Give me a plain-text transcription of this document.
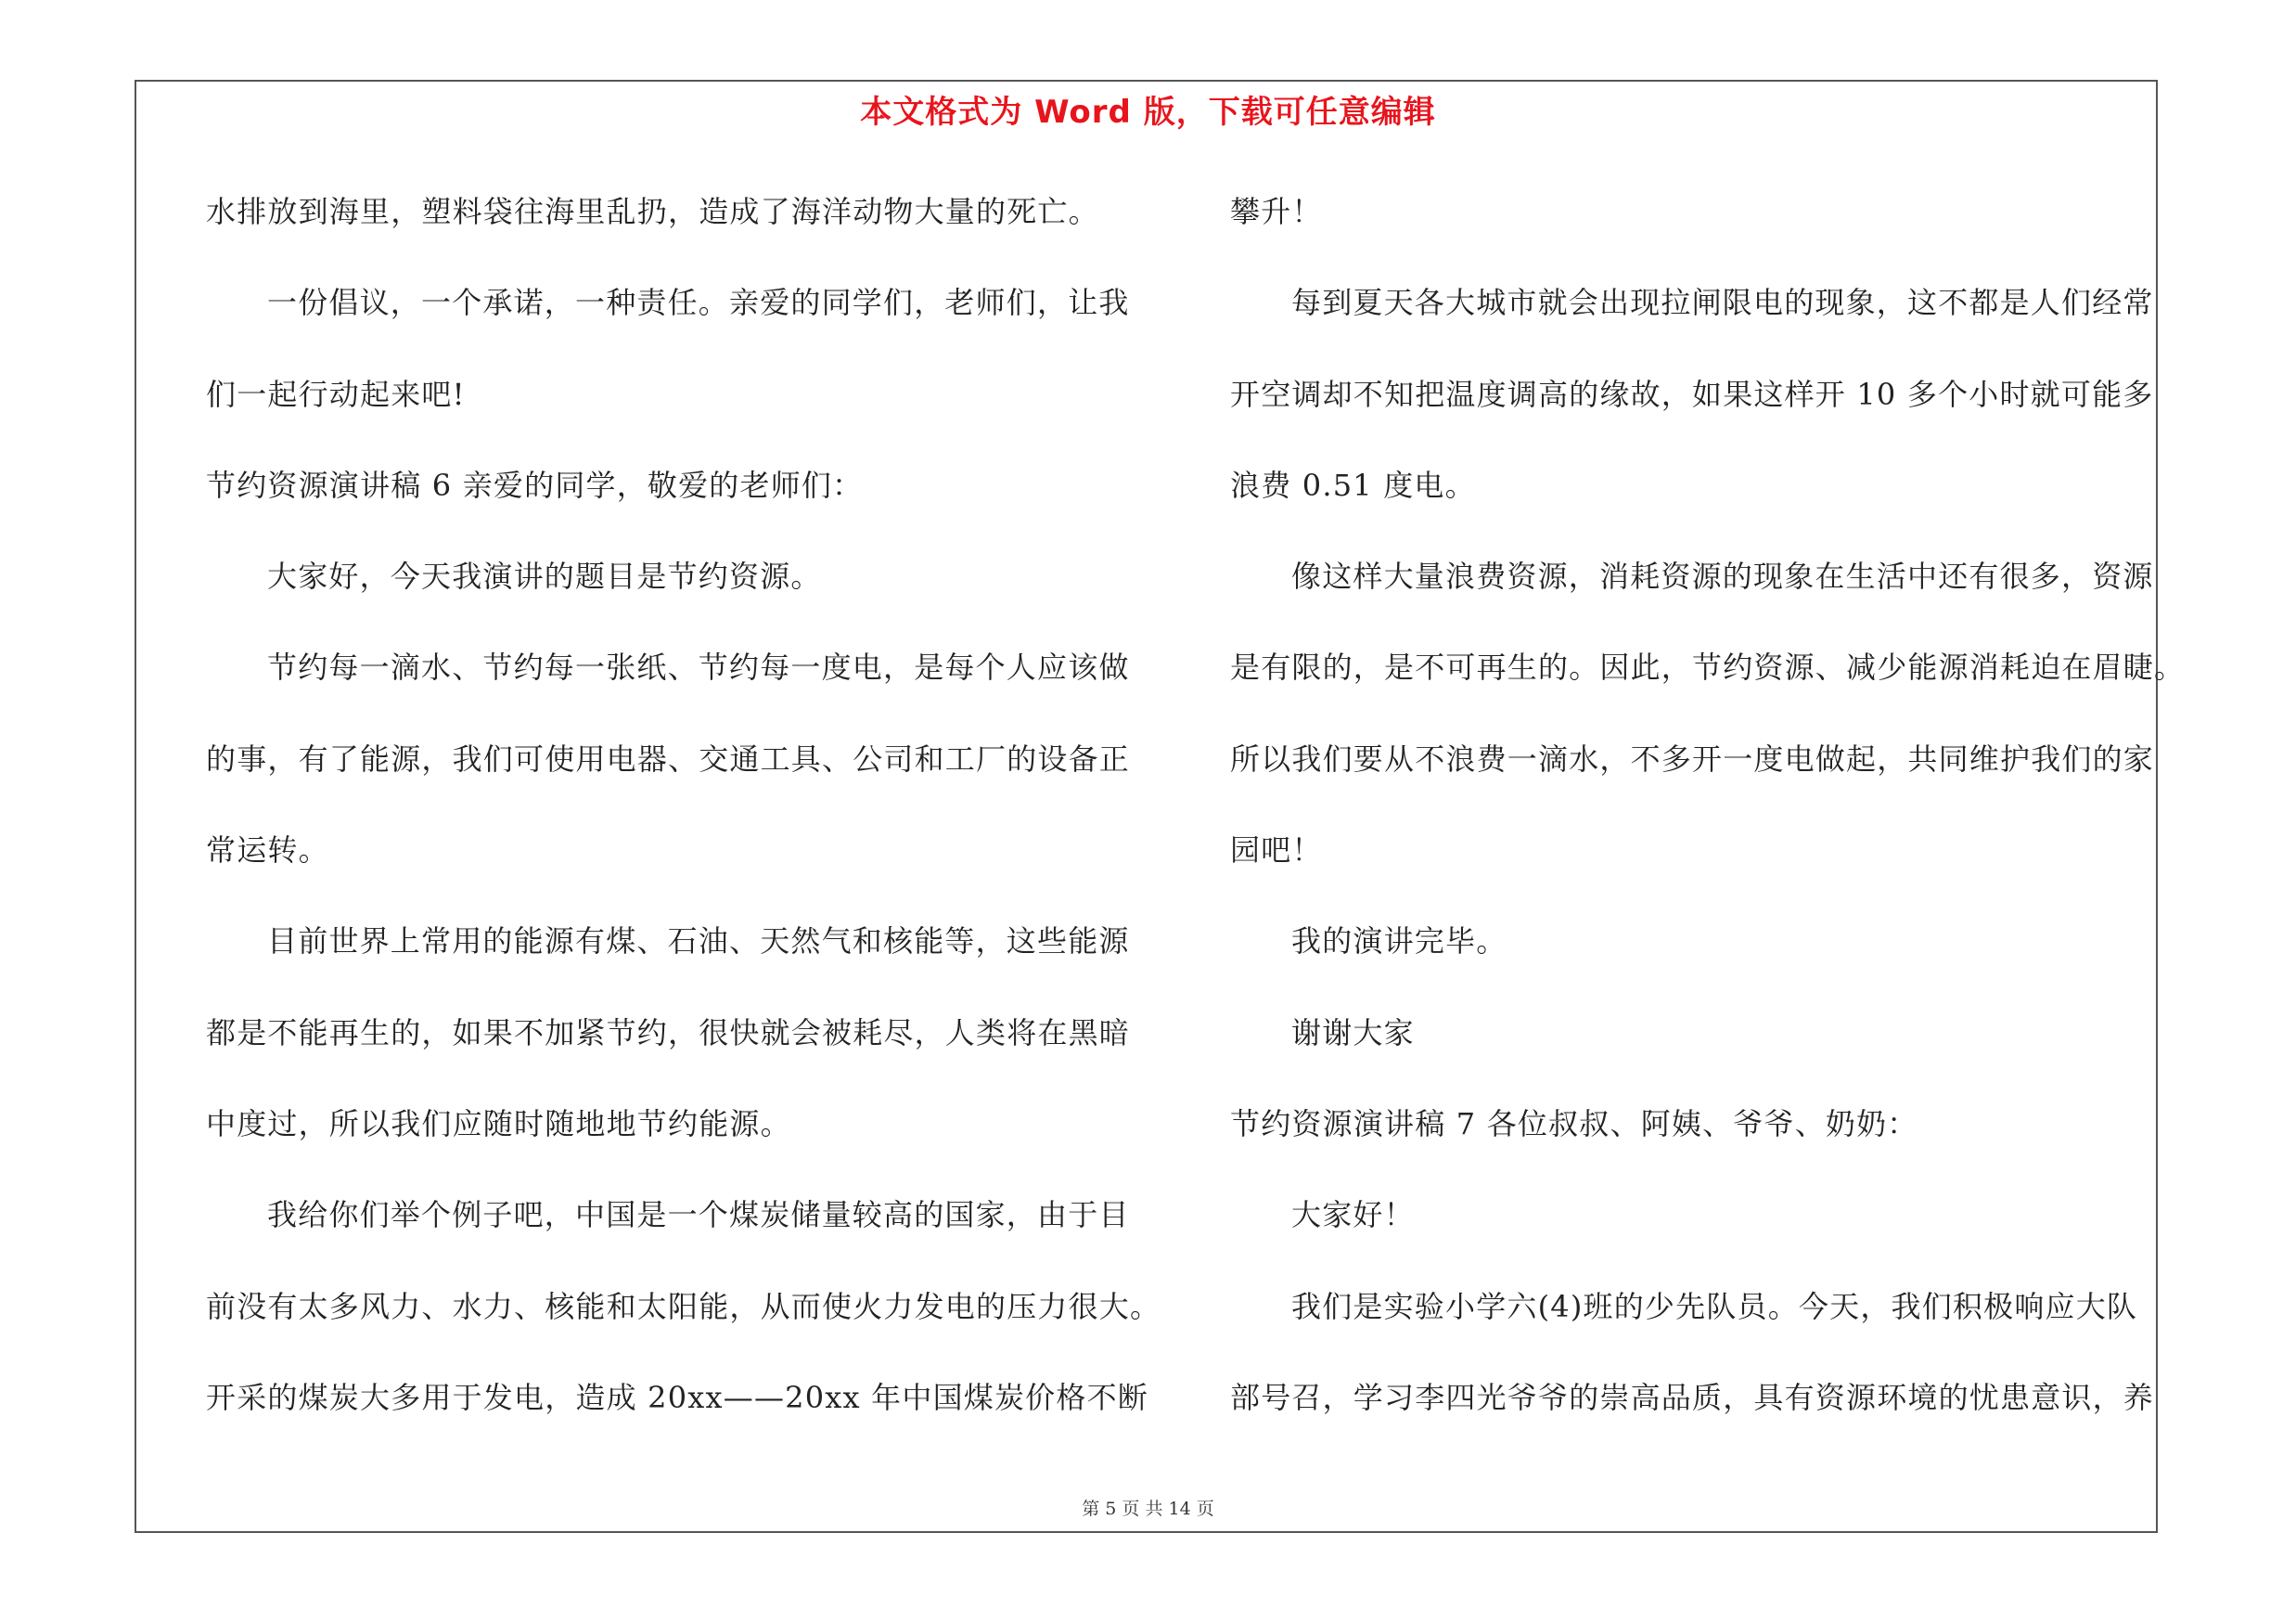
本文格式为 Word 版，下载可任意编辑
水排放到海里，塑料袋往海里乱扔，造成了海洋动物大量的死亡。
一份倡议，一个承诺，一种责任。亲爱的同学们，老师们，让我
们一起行动起来吧!
节约资源演讲稿 6 亲爱的同学，敬爱的老师们：
大家好，今天我演讲的题目是节约资源。
节约每一滴水、节约每一张纸、节约每一度电，是每个人应该做
的事，有了能源，我们可使用电器、交通工具、公司和工厂的设备正
常运转。
目前世界上常用的能源有煤、石油、天然气和核能等，这些能源
都是不能再生的，如果不加紧节约，很快就会被耗尽，人类将在黑暗
中度过，所以我们应随时随地地节约能源。
我给你们举个例子吧，中国是一个煤炭储量较高的国家，由于目
前没有太多风力、水力、核能和太阳能，从而使火力发电的压力很大。
开采的煤炭大多用于发电，造成 20xx——20xx 年中国煤炭价格不断
攀升！
每到夏天各大城市就会出现拉闸限电的现象，这不都是人们经常
开空调却不知把温度调高的缘故，如果这样开 10 多个小时就可能多
浪费 0.51 度电。
像这样大量浪费资源，消耗资源的现象在生活中还有很多，资源
是有限的，是不可再生的。因此，节约资源、减少能源消耗迫在眉睫。
所以我们要从不浪费一滴水，不多开一度电做起，共同维护我们的家
园吧！
我的演讲完毕。
谢谢大家
节约资源演讲稿 7 各位叔叔、阿姨、爷爷、奶奶：
大家好！
我们是实验小学六(4)班的少先队员。今天，我们积极响应大队
部号召，学习李四光爷爷的崇高品质，具有资源环境的忧患意识，养
第 5 页 共 14 页
